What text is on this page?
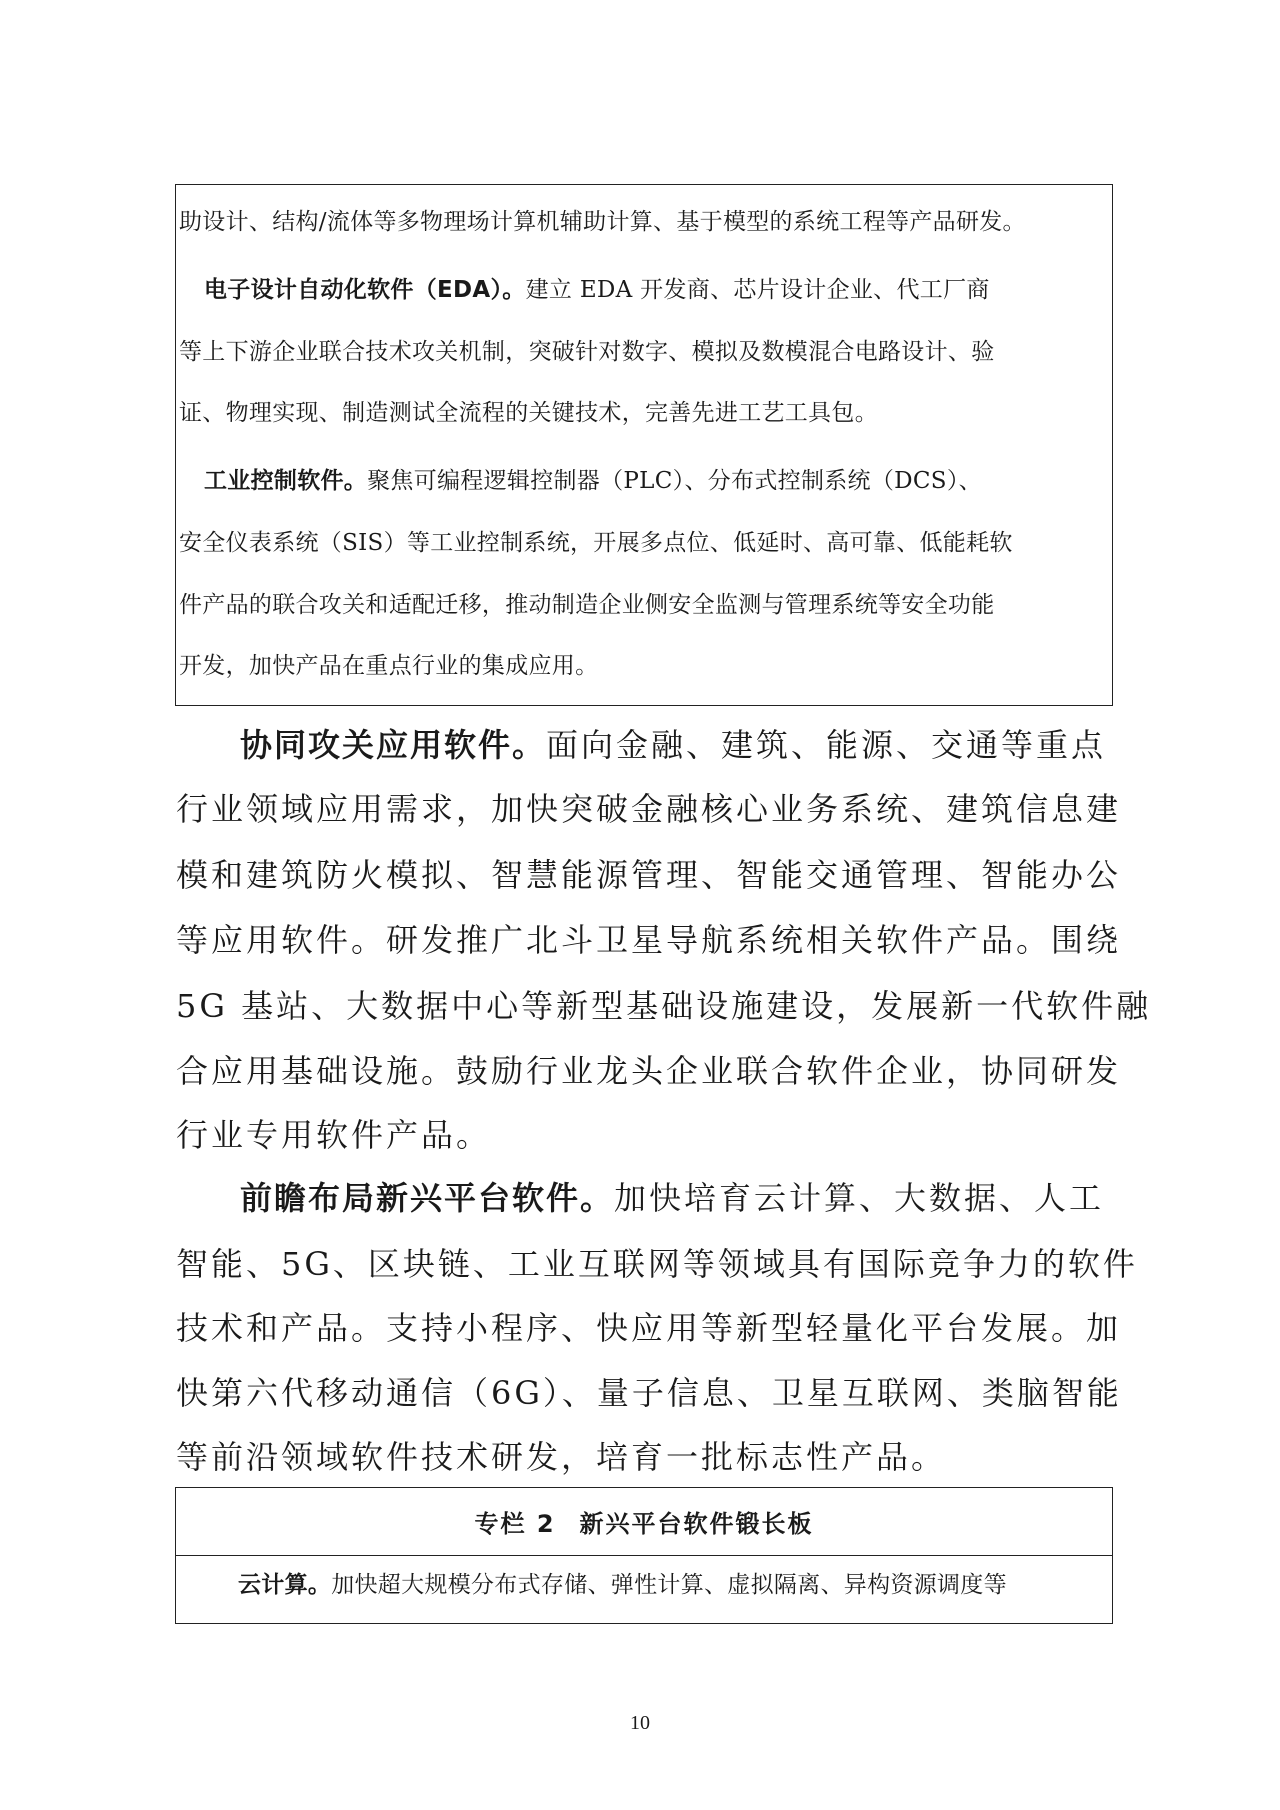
助设计、结构/流体等多物理场计算机辅助计算、基于模型的系统工程等产品研发。
电子设计自动化软件（EDA）。建立 EDA 开发商、芯片设计企业、代工厂商
等上下游企业联合技术攻关机制，突破针对数字、模拟及数模混合电路设计、验
证、物理实现、制造测试全流程的关键技术，完善先进工艺工具包。
工业控制软件。聚焦可编程逻辑控制器（PLC）、分布式控制系统（DCS）、
安全仪表系统（SIS）等工业控制系统，开展多点位、低延时、高可靠、低能耗软
件产品的联合攻关和适配迁移，推动制造企业侧安全监测与管理系统等安全功能
开发，加快产品在重点行业的集成应用。
协同攻关应用软件。面向金融、建筑、能源、交通等重点
行业领域应用需求，加快突破金融核心业务系统、建筑信息建
模和建筑防火模拟、智慧能源管理、智能交通管理、智能办公
等应用软件。研发推广北斗卫星导航系统相关软件产品。围绕
5G 基站、大数据中心等新型基础设施建设，发展新一代软件融
合应用基础设施。鼓励行业龙头企业联合软件企业，协同研发
行业专用软件产品。
前瞻布局新兴平台软件。加快培育云计算、大数据、人工
智能、5G、区块链、工业互联网等领域具有国际竞争力的软件
技术和产品。支持小程序、快应用等新型轻量化平台发展。加
快第六代移动通信（6G）、量子信息、卫星互联网、类脑智能
等前沿领域软件技术研发，培育一批标志性产品。
专栏 2 新兴平台软件锻长板
云计算。加快超大规模分布式存储、弹性计算、虚拟隔离、异构资源调度等
10
